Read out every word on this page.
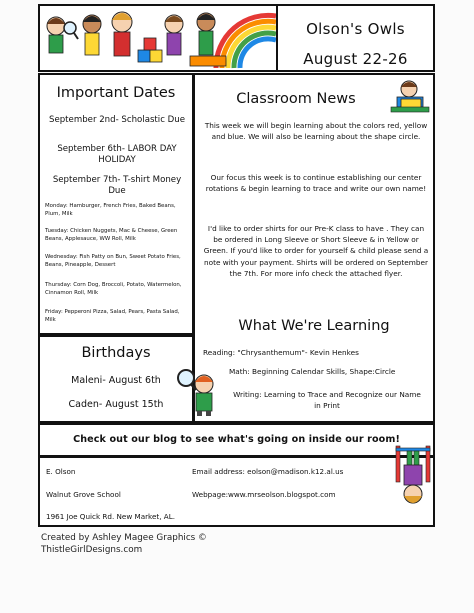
Olson's Owls
August 22-26
Important Dates
September 2nd- Scholastic Due
September 6th- LABOR DAY HOLIDAY
September 7th- T-shirt Money Due
Monday: Hamburger, French Fries, Baked Beans, Plum, Milk
Tuesday: Chicken Nuggets, Mac & Cheese, Green Beans, Applesauce, WW Roll, Milk
Wednesday: Fish Patty on Bun, Sweet Potato Fries, Beans, Pineapple, Dessert
Thursday: Corn Dog, Broccoli, Potato, Watermelon, Cinnamon Roll, Milk
Friday: Pepperoni Pizza, Salad, Pears, Pasta Salad, Milk
Birthdays
Maleni- August 6th
Caden- August 15th
Classroom News
This week we will begin learning about the colors red, yellow and blue. We will also be learning about the shape circle.
Our focus this week is to continue establishing our center rotations & begin learning to trace and write our own name!
I'd like to order shirts for our Pre-K class to have . They can be ordered in Long Sleeve or Short Sleeve & in Yellow or Green. If you'd like to order for yourself & child please send a note with your payment. Shirts will be ordered on September the 7th. For more info check the attached flyer.
What We're Learning
Reading: "Chrysanthemum"- Kevin Henkes
Math: Beginning Calendar Skills, Shape:Circle
Writing: Learning to Trace and Recognize our Name in Print
Check out our blog to see what's going on inside our room!
E. Olson
Walnut Grove School
1961 Joe Quick Rd. New Market, AL.
Email address: eolson@madison.k12.al.us
Webpage:www.mrseolson.blogspot.com
Created by Ashley Magee Graphics ©
ThistleGirlDesigns.com
